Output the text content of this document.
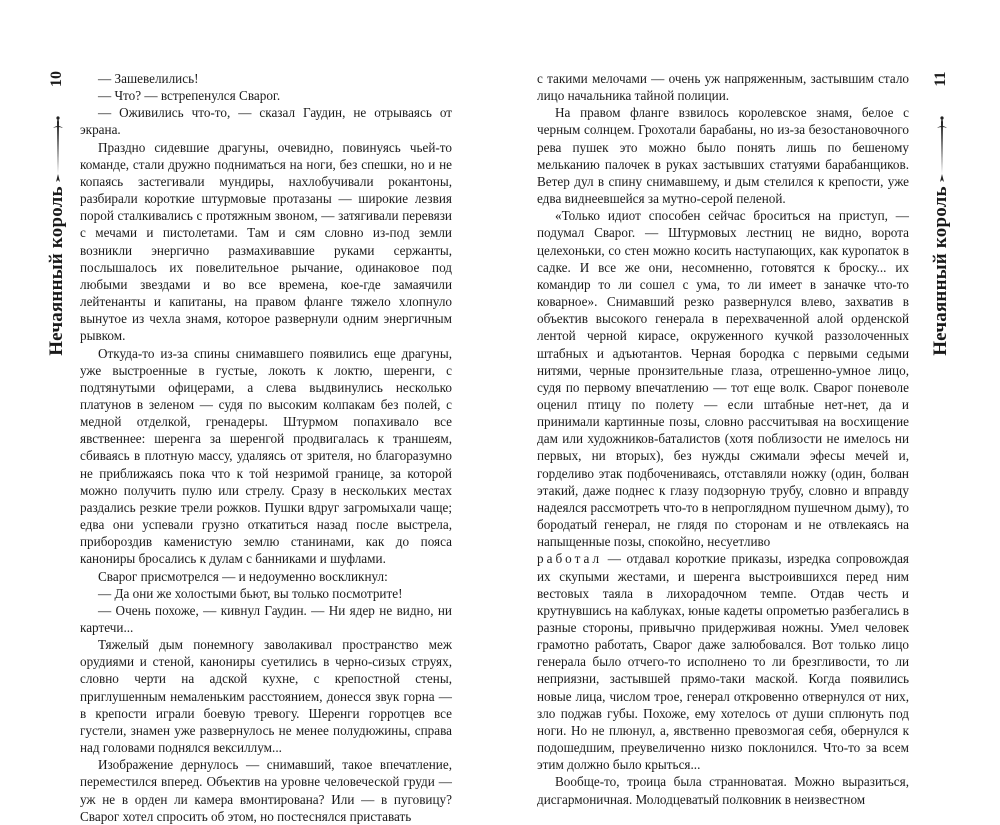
10
Нечаянный король

— Зашевелились!

— Что? — встрепенулся Сварог.

— Оживились что-то, — сказал Гаудин, не отрываясь от экрана.

Праздно сидевшие драгуны, очевидно, повинуясь чьей-то команде, стали дружно подниматься на ноги, без спешки, но и не копаясь застегивали мундиры, нахлобучивали рокантоны, разбирали короткие штурмовые протазаны — широкие лезвия порой сталкивались с протяжным звоном, — затягивали перевязи с мечами и пистолетами. Там и сям словно из-под земли возникли энергично размахивавшие руками сержанты, послышалось их повелительное рычание, одинаковое под любыми звездами и во все времена, кое-где замаячили лейтенанты и капитаны, на правом фланге тяжело хлопнуло вынутое из чехла знамя, которое развернули одним энергичным рывком.

Откуда-то из-за спины снимавшего появились еще драгуны, уже выстроенные в густые, локоть к локтю, шеренги, с подтянутыми офицерами, а слева выдвинулись несколько платунов в зеленом — судя по высоким колпакам без полей, с медной отделкой, гренадеры. Штурмом попахивало все явственнее: шеренга за шеренгой продвигалась к траншеям, сбиваясь в плотную массу, удаляясь от зрителя, но благоразумно не приближаясь пока что к той незримой границе, за которой можно получить пулю или стрелу. Сразу в нескольких местах раздались резкие трели рожков. Пушки вдруг загромыхали чаще; едва они успевали грузно откатиться назад после выстрела, прибороздив каменистую землю станинами, как до пояса канониры бросались к дулам с банниками и шуфлами.

Сварог присмотрелся — и недоуменно воскликнул:

— Да они же холостыми бьют, вы только посмотрите!

— Очень похоже, — кивнул Гаудин. — Ни ядер не видно, ни картечи...

Тяжелый дым понемногу заволакивал пространство меж орудиями и стеной, канониры суетились в черно-сизых струях, словно черти на адской кухне, с крепостной стены, приглушенным немаленьким расстоянием, донесся звук горна — в крепости играли боевую тревогу. Шеренги горротцев все густели, знамен уже развернулось не менее полудюжины, справа над головами поднялся вексиллум...

Изображение дернулось — снимавший, такое впечатление, переместился вперед. Объектив на уровне человеческой груди — уж не в орден ли камера вмонтирована? Или — в пуговицу? Сварог хотел спросить об этом, но постеснялся приставать

с такими мелочами — очень уж напряженным, застывшим стало лицо начальника тайной полиции.

На правом фланге взвилось королевское знамя, белое с черным солнцем. Грохотали барабаны, но из-за безостановочного рева пушек это можно было понять лишь по бешеному мельканию палочек в руках застывших статуями барабанщиков. Ветер дул в спину снимавшему, и дым стелился к крепости, уже едва виднеевшейся за мутно-серой пеленой.

«Только идиот способен сейчас броситься на приступ, — подумал Сварог. — Штурмовых лестниц не видно, ворота целехоньки, со стен можно косить наступающих, как куропаток в садке. И все же они, несомненно, готовятся к броску... их командир то ли сошел с ума, то ли имеет в заначке что-то коварное». Снимавший резко развернулся влево, захватив в объектив высокого генерала в перехваченной алой орденской лентой черной кирасе, окруженного кучкой раззолоченных штабных и адъютантов. Черная бородка с первыми седыми нитями, черные пронзительные глаза, отрешенно-умное лицо, судя по первому впечатлению — тот еще волк. Сварог поневоле оценил птицу по полету — если штабные нет-нет, да и принимали картинные позы, словно рассчитывая на восхищение дам или художников-баталистов (хотя поблизости не имелось ни первых, ни вторых), без нужды сжимали эфесы мечей и, горделиво этак подбочениваясь, отставляли ножку (один, болван этакий, даже поднес к глазу подзорную трубу, словно и вправду надеялся рассмотреть что-то в непроглядном пушечном дыму), то бородатый генерал, не глядя по сторонам и не отвлекаясь на напыщенные позы, спокойно, несуетливо

работал — отдавал короткие приказы, изредка сопровождая их скупыми жестами, и шеренга выстроившихся перед ним вестовых таяла в лихорадочном темпе. Отдав честь и крутнувшись на каблуках, юные кадеты опрометью разбегались в разные стороны, привычно придерживая ножны. Умел человек грамотно работать, Сварог даже залюбовался. Вот только лицо генерала было отчего-то исполнено то ли брезгливости, то ли неприязни, застывшей прямо-таки маской. Когда появились новые лица, числом трое, генерал откровенно отвернулся от них, зло поджав губы. Похоже, ему хотелось от души сплюнуть под ноги. Но не плюнул, а, явственно превозмогая себя, обернулся к подошедшим, преувеличенно низко поклонился. Что-то за всем этим должно было крыться...

Вообще-то, троица была странноватая. Можно выразиться, дисгармоничная. Молодцеватый полковник в неизвестном

11
Нечаянный король
